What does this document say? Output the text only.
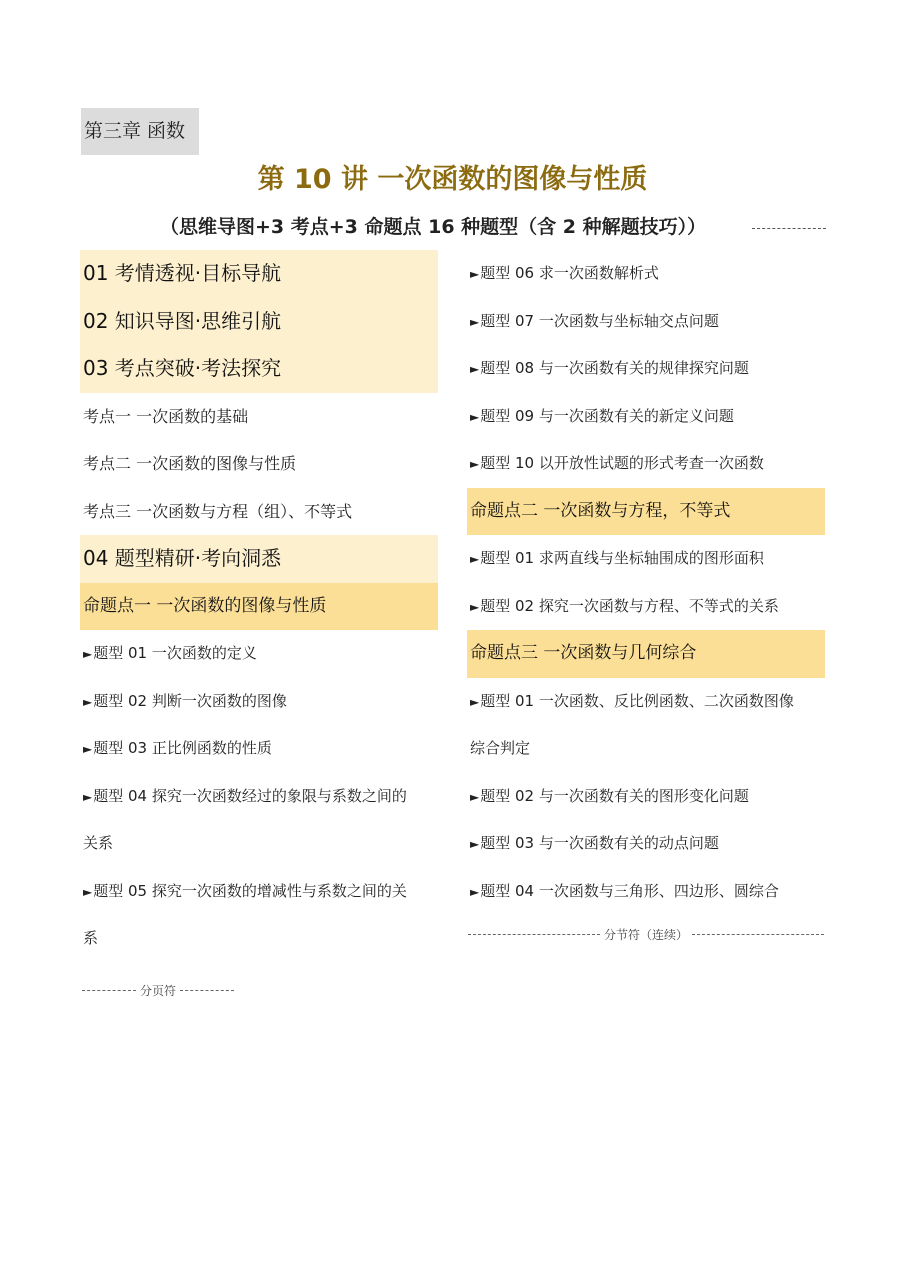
第三章 函数
第 10 讲 一次函数的图像与性质
（思维导图+3 考点+3 命题点 16 种题型（含 2 种解题技巧））
01 考情透视·目标导航
02 知识导图·思维引航
03 考点突破·考法探究
考点一 一次函数的基础
考点二 一次函数的图像与性质
考点三 一次函数与方程（组）、不等式
04 题型精研·考向洞悉
命题点一 一次函数的图像与性质
►题型 01 一次函数的定义
►题型 02 判断一次函数的图像
►题型 03 正比例函数的性质
►题型 04 探究一次函数经过的象限与系数之间的
关系
►题型 05 探究一次函数的增减性与系数之间的关
系
►题型 06 求一次函数解析式
►题型 07 一次函数与坐标轴交点问题
►题型 08 与一次函数有关的规律探究问题
►题型 09 与一次函数有关的新定义问题
►题型 10 以开放性试题的形式考查一次函数
命题点二 一次函数与方程，不等式
►题型 01 求两直线与坐标轴围成的图形面积
►题型 02 探究一次函数与方程、不等式的关系
命题点三 一次函数与几何综合
►题型 01 一次函数、反比例函数、二次函数图像
综合判定
►题型 02 与一次函数有关的图形变化问题
►题型 03 与一次函数有关的动点问题
►题型 04 一次函数与三角形、四边形、圆综合
分节符（连续）
分页符
